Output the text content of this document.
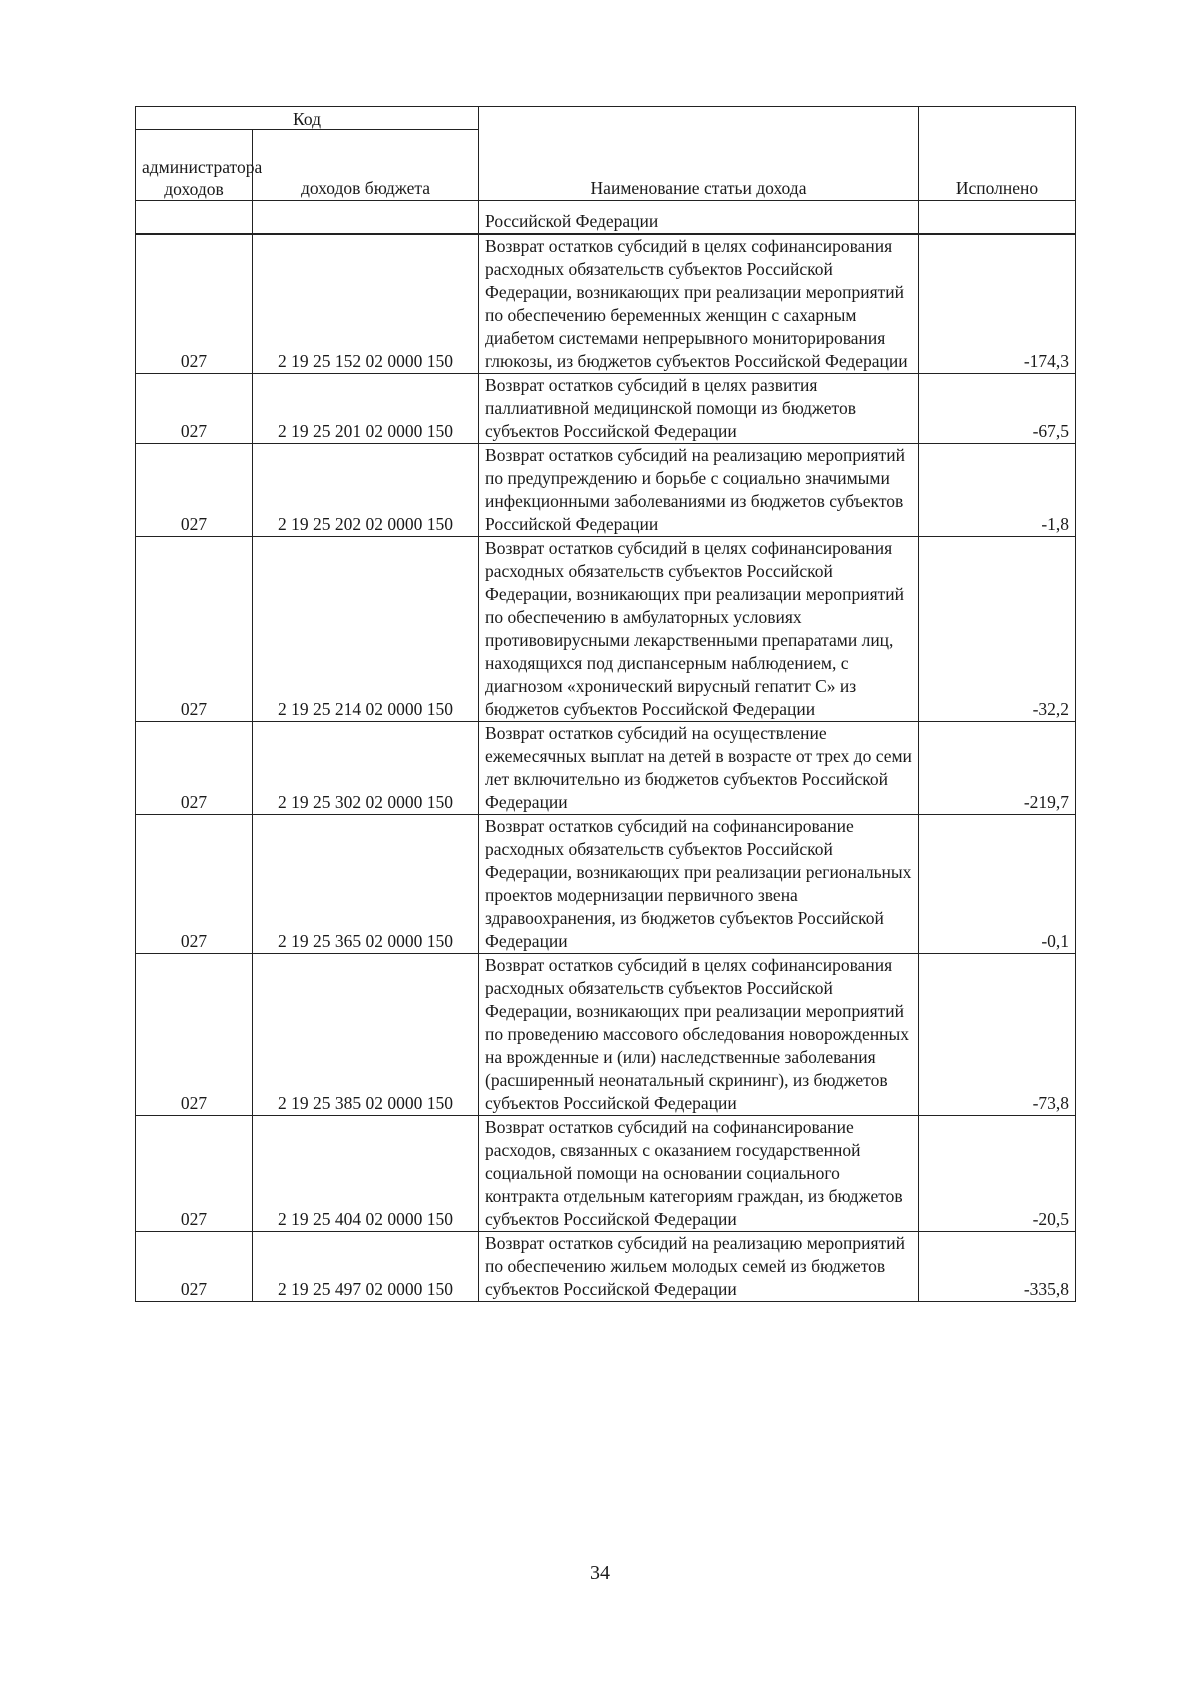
Код		Наименование статьи дохода	Исполнено
администратора доходов	доходов бюджета		
		Российской Федерации	

027	2 19 25 152 02 0000 150	Возврат остатков субсидий в целях софинансирования расходных обязательств субъектов Российской Федерации, возникающих при реализации мероприятий по обеспечению беременных женщин с сахарным диабетом системами непрерывного мониторирования глюкозы, из бюджетов субъектов Российской Федерации	-174,3
027	2 19 25 201 02 0000 150	Возврат остатков субсидий в целях развития паллиативной медицинской помощи из бюджетов субъектов Российской Федерации	-67,5
027	2 19 25 202 02 0000 150	Возврат остатков субсидий на реализацию мероприятий по предупреждению и борьбе с социально значимыми инфекционными заболеваниями из бюджетов субъектов Российской Федерации	-1,8
027	2 19 25 214 02 0000 150	Возврат остатков субсидий в целях софинансирования расходных обязательств субъектов Российской Федерации, возникающих при реализации мероприятий по обеспечению в амбулаторных условиях противовирусными лекарственными препаратами лиц, находящихся под диспансерным наблюдением, с диагнозом «хронический вирусный гепатит С» из бюджетов субъектов Российской Федерации	-32,2
027	2 19 25 302 02 0000 150	Возврат остатков субсидий на осуществление ежемесячных выплат на детей в возрасте от трех до семи лет включительно из бюджетов субъектов Российской Федерации	-219,7
027	2 19 25 365 02 0000 150	Возврат остатков субсидий на софинансирование расходных обязательств субъектов Российской Федерации, возникающих при реализации региональных проектов модернизации первичного звена здравоохранения, из бюджетов субъектов Российской Федерации	-0,1
027	2 19 25 385 02 0000 150	Возврат остатков субсидий в целях софинансирования расходных обязательств субъектов Российской Федерации, возникающих при реализации мероприятий по проведению массового обследования новорожденных на врожденные и (или) наследственные заболевания (расширенный неонатальный скрининг), из бюджетов субъектов Российской Федерации	-73,8
027	2 19 25 404 02 0000 150	Возврат остатков субсидий на софинансирование расходов, связанных с оказанием государственной социальной помощи на основании социального контракта отдельным категориям граждан, из бюджетов субъектов Российской Федерации	-20,5
027	2 19 25 497 02 0000 150	Возврат остатков субсидий на реализацию мероприятий по обеспечению жильем молодых семей из бюджетов субъектов Российской Федерации	-335,8
34
